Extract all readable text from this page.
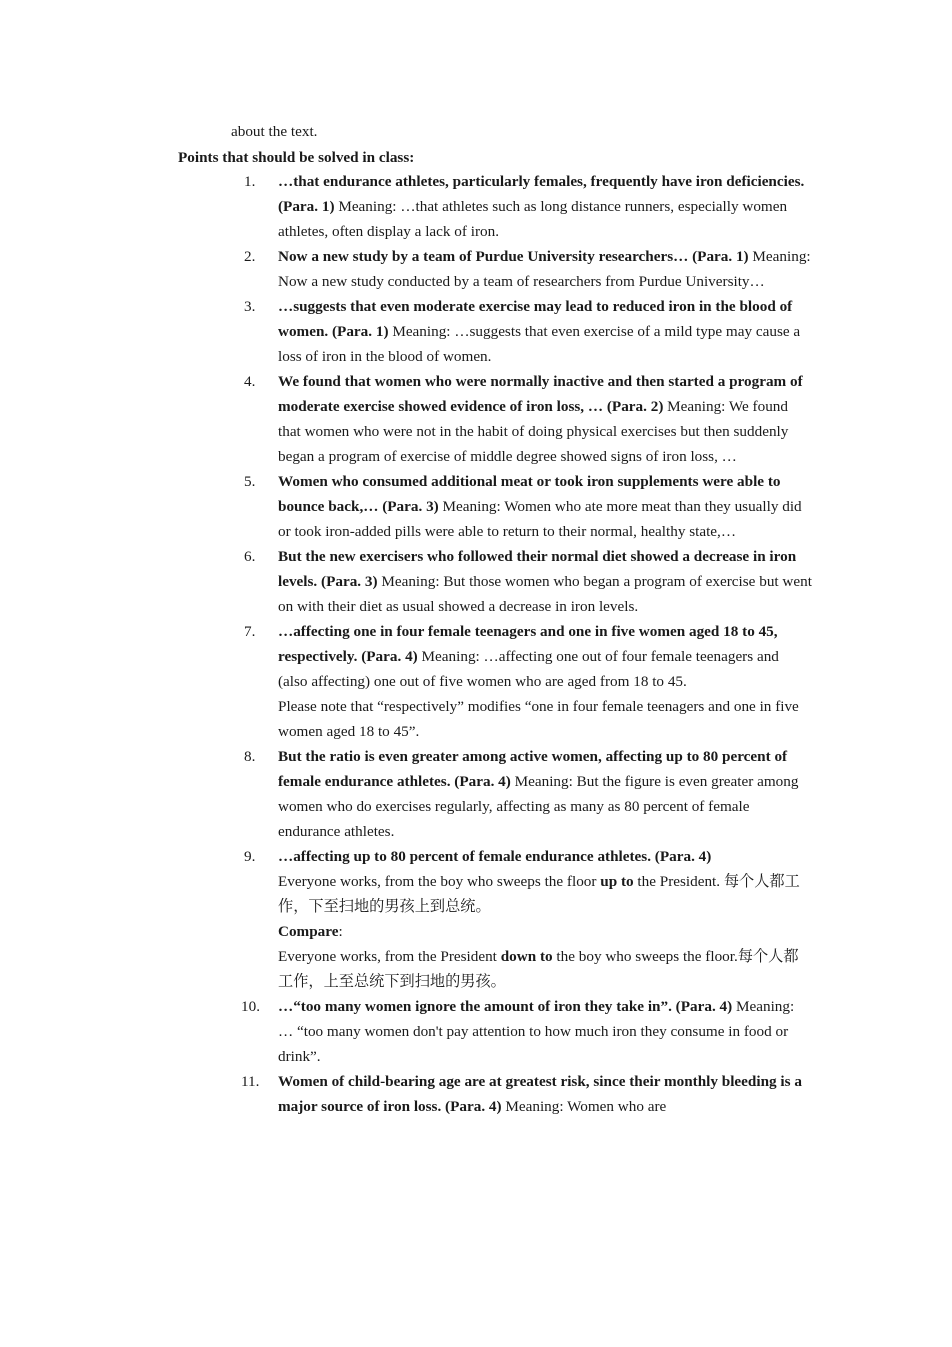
about the text.
Points that should be solved in class:
1.	…that endurance athletes, particularly females, frequently have iron deficiencies. (Para. 1) Meaning: …that athletes such as long distance runners, especially women athletes, often display a lack of iron.
2.	Now a new study by a team of Purdue University researchers… (Para. 1) Meaning: Now a new study conducted by a team of researchers from Purdue University…
3.	…suggests that even moderate exercise may lead to reduced iron in the blood of women. (Para. 1) Meaning: …suggests that even exercise of a mild type may cause a loss of iron in the blood of women.
4.	We found that women who were normally inactive and then started a program of moderate exercise showed evidence of iron loss, … (Para. 2) Meaning: We found that women who were not in the habit of doing physical exercises but then suddenly began a program of exercise of middle degree showed signs of iron loss, …
5.	Women who consumed additional meat or took iron supplements were able to bounce back,… (Para. 3) Meaning: Women who ate more meat than they usually did or took iron-added pills were able to return to their normal, healthy state,…
6.	But the new exercisers who followed their normal diet showed a decrease in iron levels. (Para. 3) Meaning: But those women who began a program of exercise but went on with their diet as usual showed a decrease in iron levels.
7.	…affecting one in four female teenagers and one in five women aged 18 to 45, respectively. (Para. 4) Meaning: …affecting one out of four female teenagers and (also affecting) one out of five women who are aged from 18 to 45.
Please note that “respectively” modifies “one in four female teenagers and one in five women aged 18 to 45”.
8.	But the ratio is even greater among active women, affecting up to 80 percent of female endurance athletes. (Para. 4) Meaning: But the figure is even greater among women who do exercises regularly, affecting as many as 80 percent of female endurance athletes.
9.	…affecting up to 80 percent of female endurance athletes. (Para. 4)
Everyone works, from the boy who sweeps the floor up to the President. 每个人都工作，下至扫地的男孩上到总统。
Compare:
Everyone works, from the President down to the boy who sweeps the floor.每个人都工作，上至总统下到扫地的男孩。
10. …“too many women ignore the amount of iron they take in”. (Para. 4) Meaning: … “too many women don't pay attention to how much iron they consume in food or drink”.
11. Women of child-bearing age are at greatest risk, since their monthly bleeding is a major source of iron loss. (Para. 4) Meaning: Women who are
